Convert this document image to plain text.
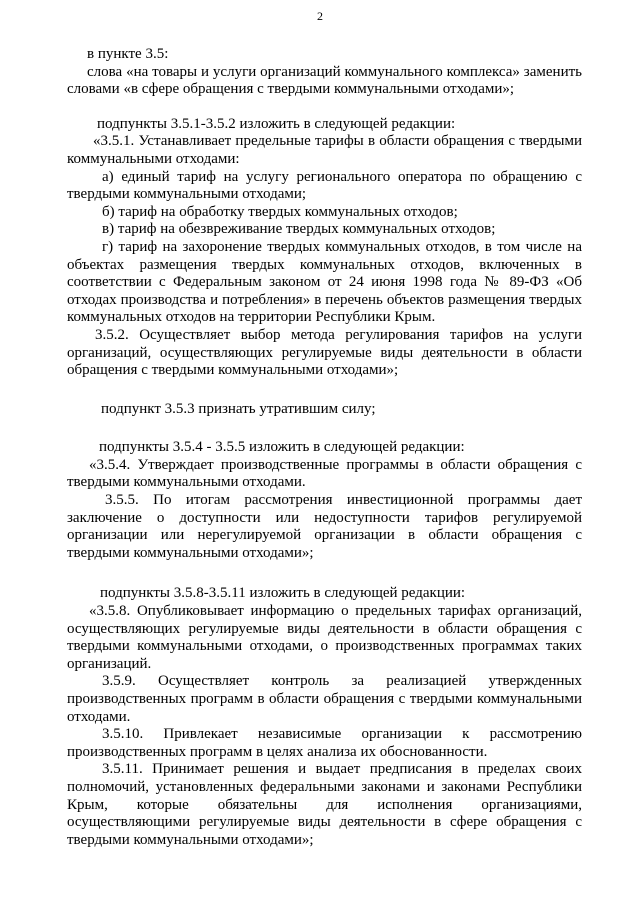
2

в пункте 3.5:

слова «на товары и услуги организаций коммунального комплекса» заменить словами «в сфере обращения с твердыми коммунальными отходами»;

подпункты 3.5.1-3.5.2 изложить в следующей редакции:

«3.5.1. Устанавливает предельные тарифы в области обращения с твердыми коммунальными отходами:

а) единый тариф на услугу регионального оператора по обращению с твердыми коммунальными отходами;

б) тариф на обработку твердых коммунальных отходов;

в) тариф на обезвреживание твердых коммунальных отходов;

г) тариф на захоронение твердых коммунальных отходов, в том числе на объектах размещения твердых коммунальных отходов, включенных в соответствии с Федеральным законом от 24 июня 1998 года № 89-ФЗ «Об отходах производства и потребления» в перечень объектов размещения твердых коммунальных отходов на территории Республики Крым.

3.5.2. Осуществляет выбор метода регулирования тарифов на услуги организаций, осуществляющих регулируемые виды деятельности в области обращения с твердыми коммунальными отходами»;

подпункт 3.5.3 признать утратившим силу;

подпункты 3.5.4 - 3.5.5 изложить в следующей редакции:

«3.5.4. Утверждает производственные программы в области обращения с твердыми коммунальными отходами.

3.5.5. По итогам рассмотрения инвестиционной программы дает заключение о доступности или недоступности тарифов регулируемой организации или нерегулируемой организации в области обращения с твердыми коммунальными отходами»;

подпункты 3.5.8-3.5.11 изложить в следующей редакции:

«3.5.8. Опубликовывает информацию о предельных тарифах организаций, осуществляющих регулируемые виды деятельности в области обращения с твердыми коммунальными отходами, о производственных программах таких организаций.

3.5.9. Осуществляет контроль за реализацией утвержденных производственных программ в области обращения с твердыми коммунальными отходами.

3.5.10. Привлекает независимые организации к рассмотрению производственных программ в целях анализа их обоснованности.

3.5.11. Принимает решения и выдает предписания в пределах своих полномочий, установленных федеральными законами и законами Республики Крым, которые обязательны для исполнения организациями, осуществляющими регулируемые виды деятельности в сфере обращения с твердыми коммунальными отходами»;
